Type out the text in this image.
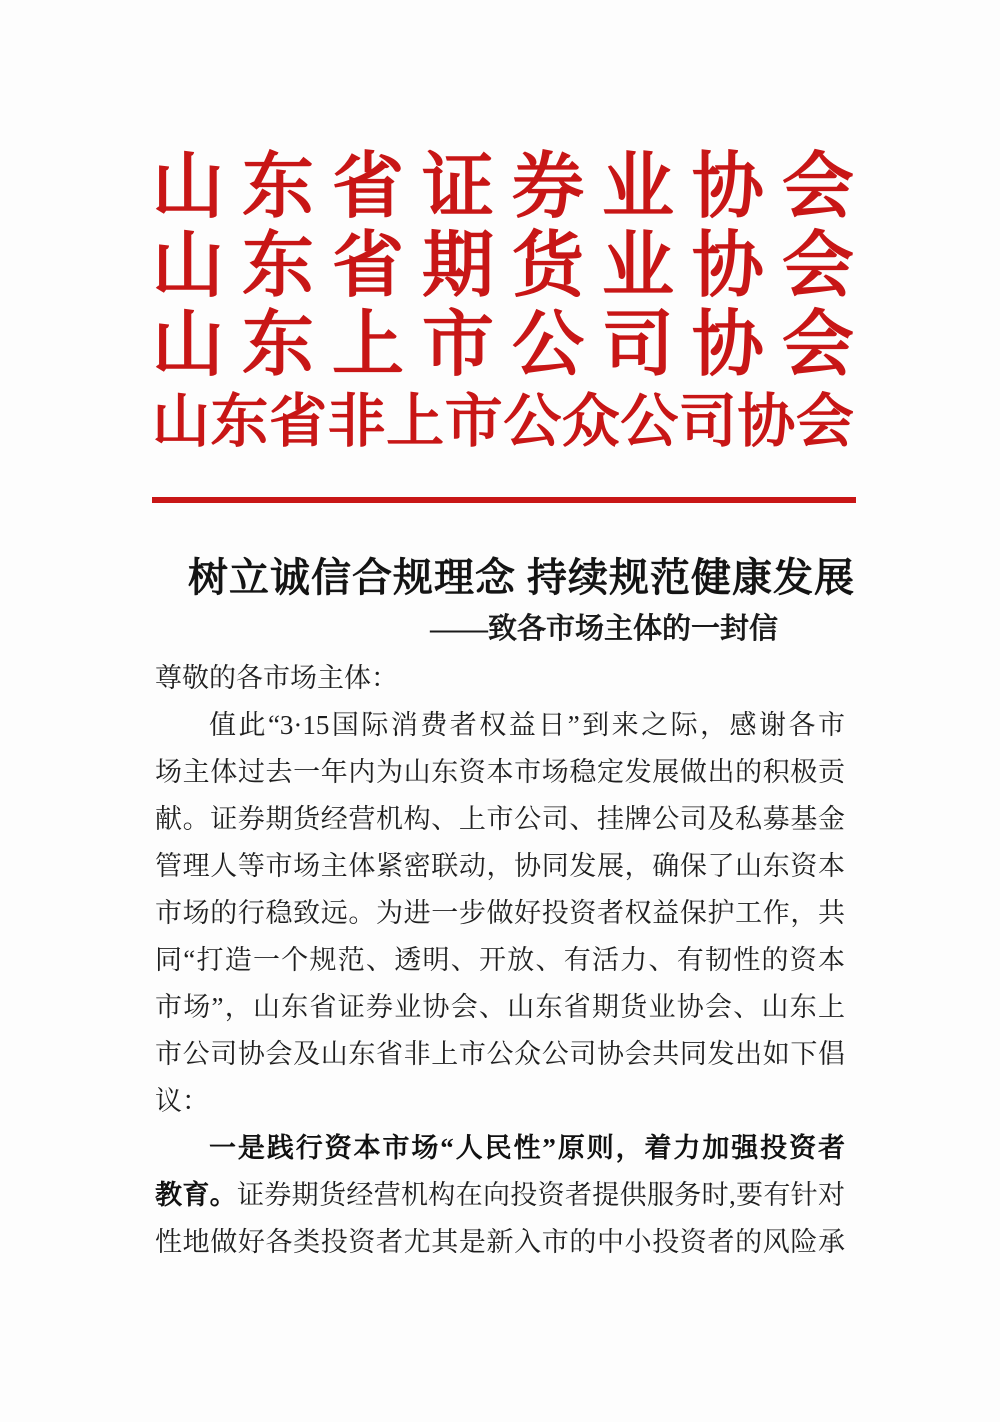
山 东 省 证 券 业 协 会
山 东 省 期 货 业 协 会
山 东 上 市 公 司 协 会
山 东 省 非 上 市 公 众 公 司 协 会
树立诚信合规理念 持续规范健康发展
——致各市场主体的一封信

尊敬的各市场主体：

值此“3·15国际消费者权益日”到来之际，感谢各市

场主体过去一年内为山东资本市场稳定发展做出的积极贡

献。证券期货经营机构、上市公司、挂牌公司及私募基金

管理人等市场主体紧密联动，协同发展，确保了山东资本

市场的行稳致远。为进一步做好投资者权益保护工作，共

同“打造一个规范、透明、开放、有活力、有韧性的资本

市场”，山东省证券业协会、山东省期货业协会、山东上

市公司协会及山东省非上市公众公司协会共同发出如下倡

议：

一是践行资本市场“人民性”原则，着力加强投资者

教育。证券期货经营机构在向投资者提供服务时,要有针对

性地做好各类投资者尤其是新入市的中小投资者的风险承
